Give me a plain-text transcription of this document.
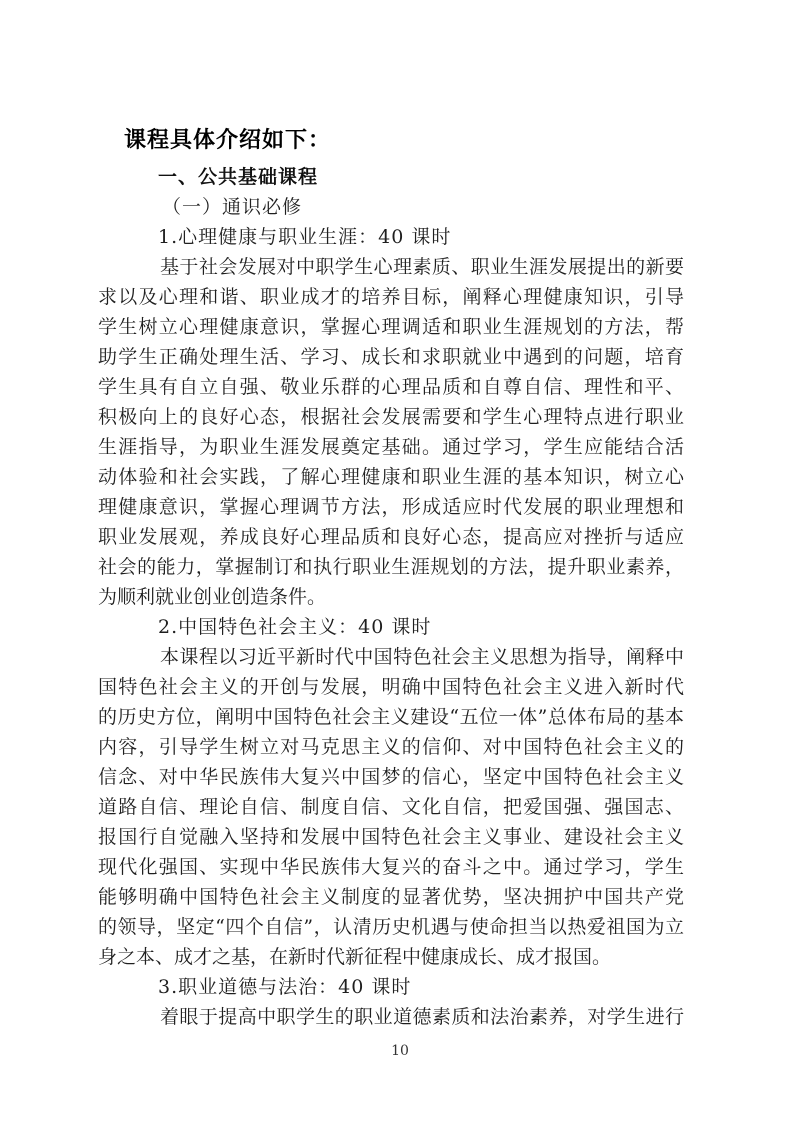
课程具体介绍如下：
一、公共基础课程
（一）通识必修
1.心理健康与职业生涯：40 课时
基于社会发展对中职学生心理素质、职业生涯发展提出的新要
求以及心理和谐、职业成才的培养目标，阐释心理健康知识，引导
学生树立心理健康意识，掌握心理调适和职业生涯规划的方法，帮
助学生正确处理生活、学习、成长和求职就业中遇到的问题，培育
学生具有自立自强、敬业乐群的心理品质和自尊自信、理性和平、
积极向上的良好心态，根据社会发展需要和学生心理特点进行职业
生涯指导，为职业生涯发展奠定基础。通过学习，学生应能结合活
动体验和社会实践，了解心理健康和职业生涯的基本知识，树立心
理健康意识，掌握心理调节方法，形成适应时代发展的职业理想和
职业发展观，养成良好心理品质和良好心态，提高应对挫折与适应
社会的能力，掌握制订和执行职业生涯规划的方法，提升职业素养，
为顺利就业创业创造条件。
2.中国特色社会主义：40 课时
本课程以习近平新时代中国特色社会主义思想为指导，阐释中
国特色社会主义的开创与发展，明确中国特色社会主义进入新时代
的历史方位，阐明中国特色社会主义建设“五位一体”总体布局的基本
内容，引导学生树立对马克思主义的信仰、对中国特色社会主义的
信念、对中华民族伟大复兴中国梦的信心，坚定中国特色社会主义
道路自信、理论自信、制度自信、文化自信，把爱国强、强国志、
报国行自觉融入坚持和发展中国特色社会主义事业、建设社会主义
现代化强国、实现中华民族伟大复兴的奋斗之中。通过学习，学生
能够明确中国特色社会主义制度的显著优势，坚决拥护中国共产党
的领导，坚定“四个自信”，认清历史机遇与使命担当以热爱祖国为立
身之本、成才之基，在新时代新征程中健康成长、成才报国。
3.职业道德与法治：40 课时
着眼于提高中职学生的职业道德素质和法治素养，对学生进行
10
